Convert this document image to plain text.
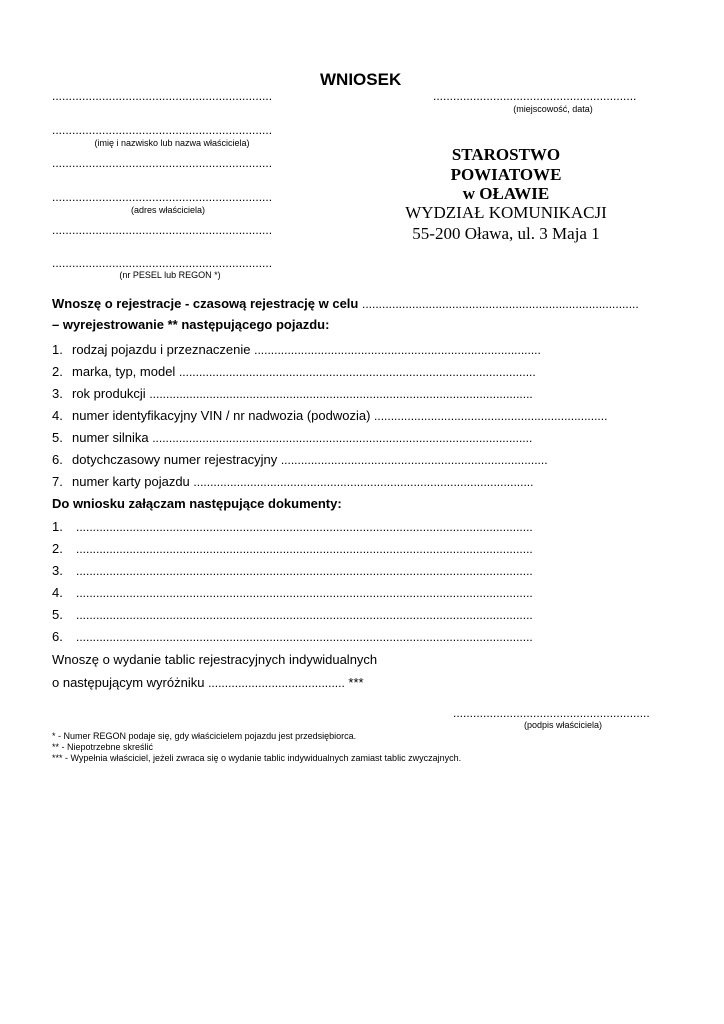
WNIOSEK
..................................................................
..................................................................
(imię i nazwisko lub nazwa właściciela)
..................................................................
..................................................................
(adres właściciela)
..................................................................
..................................................................
(nr PESEL lub REGON *)
.............................................................
(miejscowość, data)
STAROSTWO
POWIATOWE
w OŁAWIE
WYDZIAŁ KOMUNIKACJI
55-200 Oława, ul. 3 Maja 1
Wnoszę o rejestracje - czasową rejestrację w celu ...................................................................................
– wyrejestrowanie ** następującego pojazdu:
1. rodzaj pojazdu i przeznaczenie ......................................................................................
2. marka, typ, model ...........................................................................................................
3. rok produkcji ...................................................................................................................
4. numer identyfikacyjny VIN / nr nadwozia (podwozia) ......................................................................
5. numer silnika ..................................................................................................................
6. dotychczasowy numer rejestracyjny ................................................................................
7. numer karty pojazdu ......................................................................................................
Do wniosku załączam następujące dokumenty:
1. .........................................................................................................................................
2. .........................................................................................................................................
3. .........................................................................................................................................
4. .........................................................................................................................................
5. .........................................................................................................................................
6. .........................................................................................................................................
Wnoszę o wydanie tablic rejestracyjnych indywidualnych
o następującym wyróżniku ......................................... ***
...........................................................
(podpis właściciela)
* - Numer REGON podaje się, gdy właścicielem pojazdu jest przedsiębiorca.
** - Niepotrzebne skreślić
*** - Wypełnia właściciel, jeżeli zwraca się o wydanie tablic indywidualnych zamiast tablic zwyczajnych.
